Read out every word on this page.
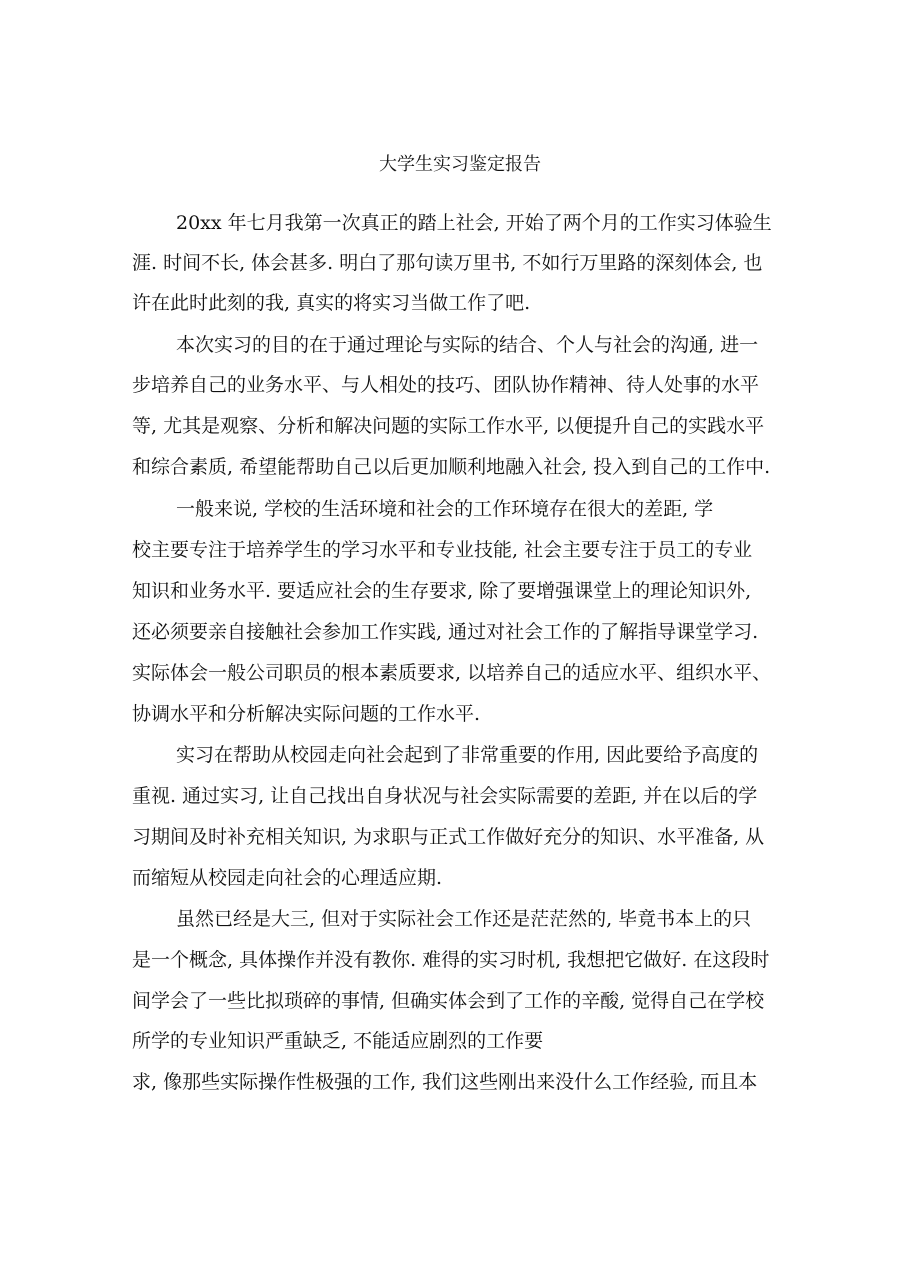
大学生实习鉴定报告

20xx 年七月我第一次真正的踏上社会, 开始了两个月的工作实习体验生

涯. 时间不长, 体会甚多. 明白了那句读万里书, 不如行万里路的深刻体会, 也

许在此时此刻的我, 真实的将实习当做工作了吧.

本次实习的目的在于通过理论与实际的结合、个人与社会的沟通, 进一

步培养自己的业务水平、与人相处的技巧、团队协作精神、待人处事的水平

等, 尤其是观察、分析和解决问题的实际工作水平, 以便提升自己的实践水平

和综合素质, 希望能帮助自己以后更加顺利地融入社会, 投入到自己的工作中.

一般来说, 学校的生活环境和社会的工作环境存在很大的差距, 学

校主要专注于培养学生的学习水平和专业技能, 社会主要专注于员工的专业

知识和业务水平. 要适应社会的生存要求, 除了要增强课堂上的理论知识外,

还必须要亲自接触社会参加工作实践, 通过对社会工作的了解指导课堂学习.

实际体会一般公司职员的根本素质要求, 以培养自己的适应水平、组织水平、

协调水平和分析解决实际问题的工作水平.

实习在帮助从校园走向社会起到了非常重要的作用, 因此要给予高度的

重视. 通过实习, 让自己找出自身状况与社会实际需要的差距, 并在以后的学

习期间及时补充相关知识, 为求职与正式工作做好充分的知识、水平准备, 从

而缩短从校园走向社会的心理适应期.

虽然已经是大三, 但对于实际社会工作还是茫茫然的, 毕竟书本上的只

是一个概念, 具体操作并没有教你. 难得的实习时机, 我想把它做好. 在这段时

间学会了一些比拟琐碎的事情, 但确实体会到了工作的辛酸, 觉得自己在学校

所学的专业知识严重缺乏, 不能适应剧烈的工作要

求, 像那些实际操作性极强的工作, 我们这些刚出来没什么工作经验, 而且本
